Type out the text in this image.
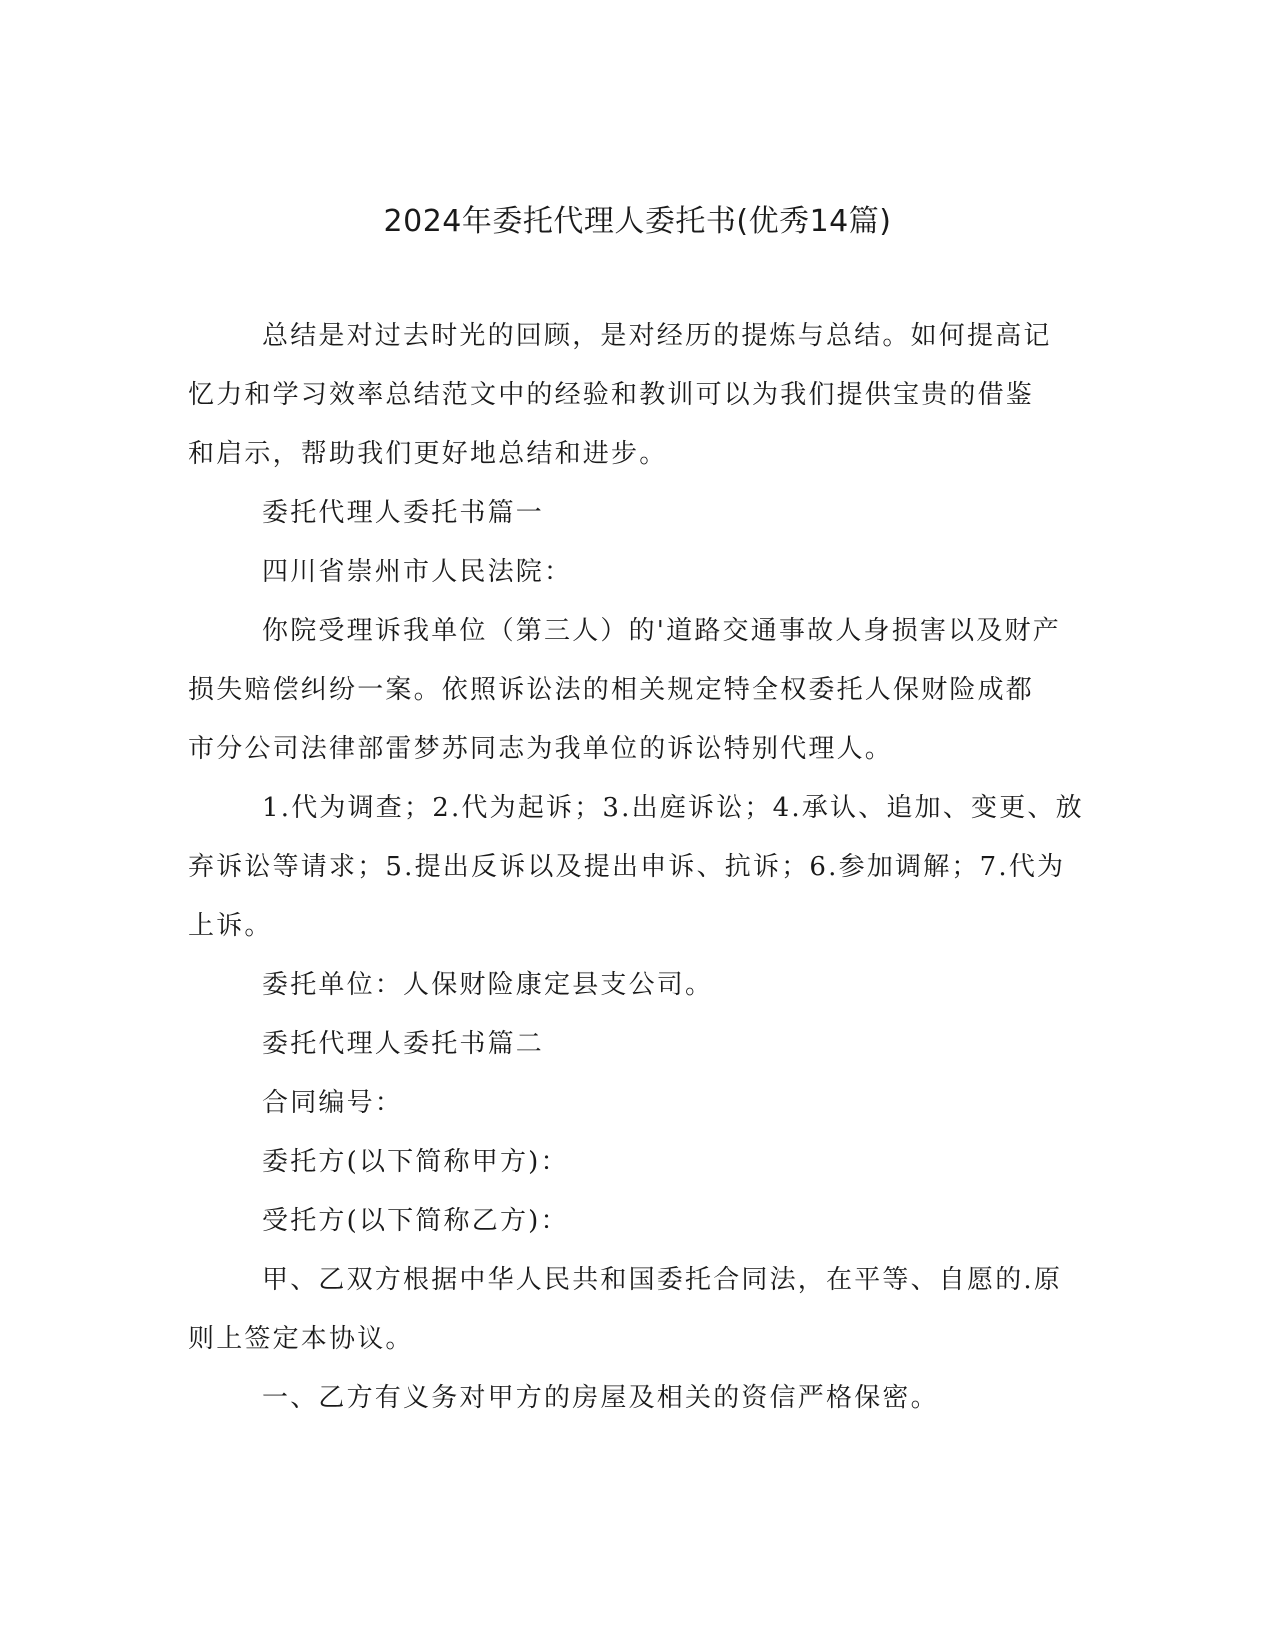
2024年委托代理人委托书(优秀14篇)
总结是对过去时光的回顾，是对经历的提炼与总结。如何提高记
忆力和学习效率总结范文中的经验和教训可以为我们提供宝贵的借鉴
和启示，帮助我们更好地总结和进步。
委托代理人委托书篇一
四川省崇州市人民法院：
你院受理诉我单位（第三人）的'道路交通事故人身损害以及财产
损失赔偿纠纷一案。依照诉讼法的相关规定特全权委托人保财险成都
市分公司法律部雷梦苏同志为我单位的诉讼特别代理人。
1.代为调查；2.代为起诉；3.出庭诉讼；4.承认、追加、变更、放
弃诉讼等请求；5.提出反诉以及提出申诉、抗诉；6.参加调解；7.代为
上诉。
委托单位：人保财险康定县支公司。
委托代理人委托书篇二
合同编号：
委托方(以下简称甲方)：
受托方(以下简称乙方)：
甲、乙双方根据中华人民共和国委托合同法，在平等、自愿的.原
则上签定本协议。
一、乙方有义务对甲方的房屋及相关的资信严格保密。
